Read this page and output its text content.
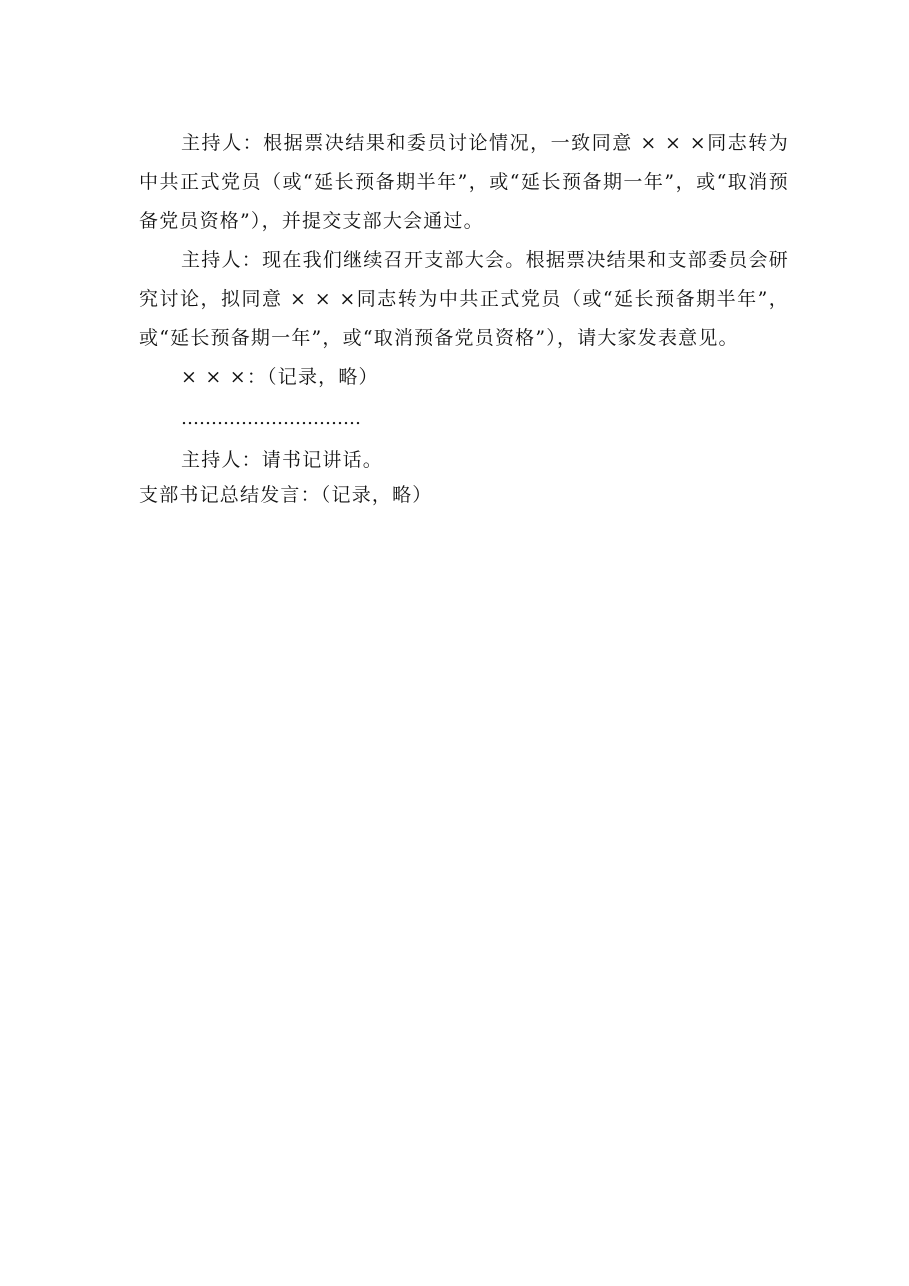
主持人：根据票决结果和委员讨论情况，一致同意 × × ×同志转为中共正式党员（或“延长预备期半年”，或“延长预备期一年”，或“取消预备党员资格”），并提交支部大会通过。

主持人：现在我们继续召开支部大会。根据票决结果和支部委员会研究讨论，拟同意 × × ×同志转为中共正式党员（或“延长预备期半年”，或“延长预备期一年”，或“取消预备党员资格”），请大家发表意见。

× × ×：（记录，略）

…………………………

主持人：请书记讲话。

支部书记总结发言：（记录，略）
